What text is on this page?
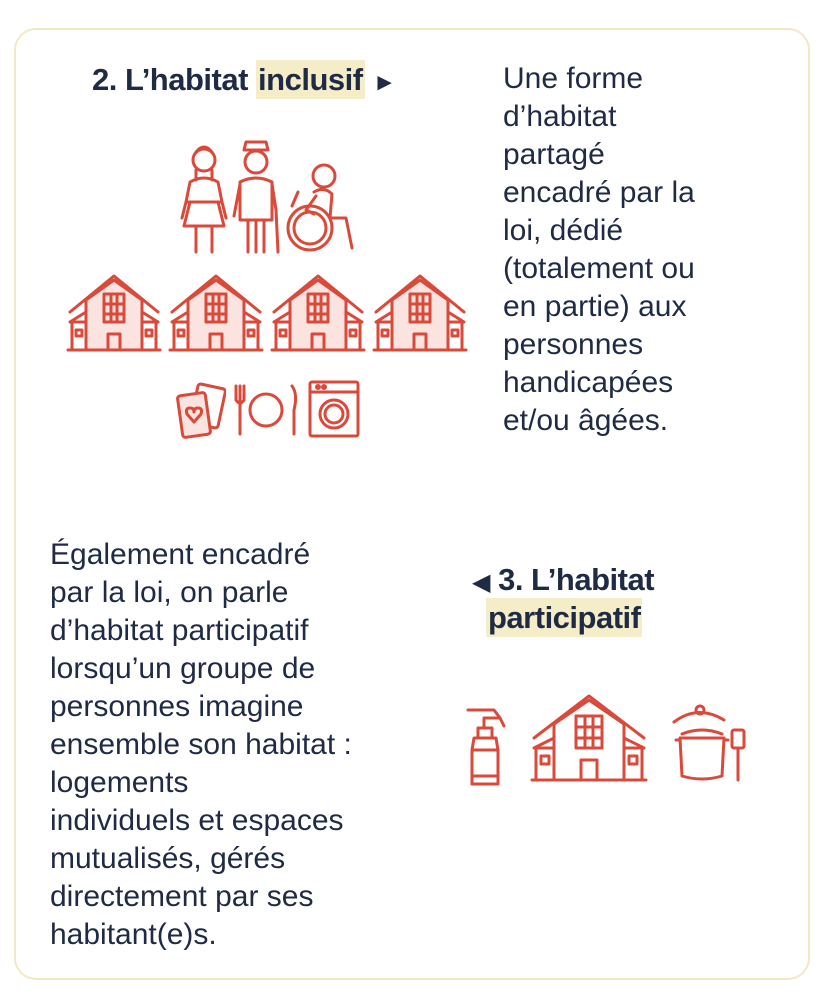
2. L’habitat inclusif ►	Une forme
d’habitat
partagé
encadré par la
loi, dédié
(totalement ou
en partie) aux
personnes
handicapées
et/ou âgées.
Également encadré
par la loi, on parle
d’habitat participatif
lorsqu’un groupe de
personnes imagine
ensemble son habitat :
logements
individuels et espaces
mutualisés, gérés
directement par ses
habitant(e)s.
◀ 3. L’habitat
participatif
